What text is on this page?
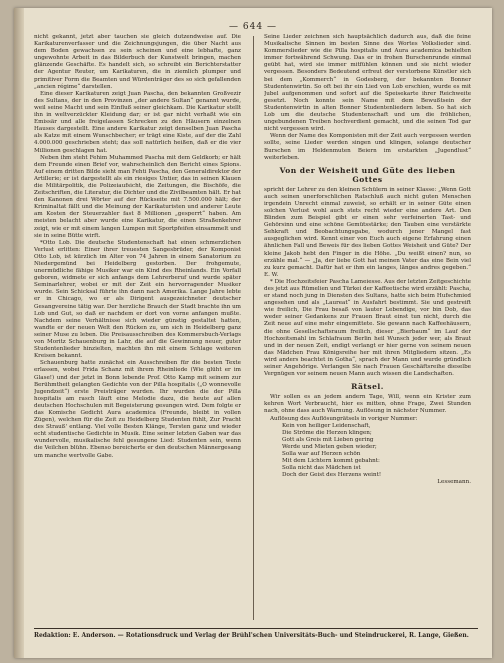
— 644 —

nicht gekannt, jetzt aber tauchen sie gleich dutzendweise auf. Die Karikaturenverfasser und die Zeichnungsjungen, die über Nacht aus dem Boden gewachsen zu sein scheinen und eine lebhafte, ganz ungewohnte Arbeit in das Bilderbuch der Kunstwelt bringen, machen glänzende Geschäfte. Es handelt sich, so schreibt ein Berichterstatter der Agentur Reuter, um Karikaturen, die in ziemlich plumper und primitiver Form die Beamten und Würdenträger des so sich gefallenden „ancien régime“ darstellen.

Eine dieser Karikaturen zeigt Juan Pascha, den bekannten Großvezir des Sultans, der in den Provinzen „der andere Sultan“ genannt wurde, weil seine Macht und sein Einfluß seiner gleichkam. Die Karikatur stellt ihn in weltverzückter Kleidung dar; er ist gar nicht verhaßt wie ein Emissär und alle freigelassen Schrecken zu den Häusern einzelnen Hauses dargestellt. Eine andere Karikatur zeigt denselben Juan Pascha als Katze mit einem Wunschbecher; er trägt eine Kiste, auf der die Zahl 4.000.000 geschrieben steht; das soll natürlich heißen, daß er die vier Millionen geschlagen hat.

Neben ihm steht Fehim Muhammed Pascha mit dem Geldkorb; er hält dem Freunde einen Brief vor, wahrscheinlich den Bericht eines Spions. Auf einem dritten Bilde sieht man Fehti Pascha, den Generaldirektor der Artillerie; er ist dargestellt als ein riesiges Untier, das in seinen Klauen die Militärpolitik, die Polizeiaufsicht, die Zeitungen, die Bischöfe, die Zeitschriften, die Literatur, die Dichter und die Zivilbeamten hält. Er hat den Kanonen drei Wörter auf der Rückseite mit 7.500.000 hält; der Kriminaltat fällt und die Meinung der Karikaturisten und anderer Leute am Kosten der Steuerzahler fast 8 Millionen „gesperrt“ haben. Am meisten belacht aber wurde eine Karikatur, die einen Straßenkehrer zeigt, wie er mit einem langen Lumpen mit Sportpfeifen einsammelt und sie in seine Bütte wirft.

*Otto Lob. Die deutsche Studentenschaft hat einen schmerzlichen Verlust erlitten: Einer ihrer treuesten Sangesbrüder, der Komponist Otto Lob, ist kürzlich im Alter von 74 Jahren in einem Sanatorium zu Niedergemünd bei Heidelberg gestorben. Der frohgemute, unermüdliche fähige Musiker war ein Kind des Rheinlands. Ein Vorfall geboren, widmete er sich anfangs dem Lehrerberuf und wurde später Seminarlehrer, wobei er mit der Zeit ein hervorragender Musiker wurde. Sein Schicksal führte ihn dann nach Amerika. Lange Jahre lebte er in Chicago, wo er als Dirigent ausgezeichneter deutscher Gesangvereine tätig war. Der herzliche Brauch der Stadt brachte ihn um Lob und Gut, so daß er nachdem er dort von vorne anfangen mußte. Nachdem seine Verhältnisse sich wieder günstig gestaltet hatten, wandte er der neuen Welt den Rücken zu, um sich in Heidelberg ganz seiner Muse zu leben. Die Preisausschreiben des Kommersbuch-Verlags von Moritz Schauenburg in Lahr, die auf die Gewinnung neuer, guter Studentenlieder hinzielten, machten ihn mit einem Schlage weiteren Kreisen bekannt.

Schauenburg hatte zunächst ein Ausschreiben für die besten Texte erlassen, wobei Frida Schanz mit ihrem Rheinliede (Wie glüht er im Glase!) und der jetzt in Bonn lebende Prof. Otto Kamp mit seinem zur Berühmtheit gelangten Gedichte von der Pilla hospitalis („O wonnevolle Jugendzeit“) erste Preisträger wurden. Ihr wurden die der Pilla hospitalis am rasch läuft eine Melodie dazu, die heute auf allen deutschen Hochschulen mit Begeisterung gesungen wird. Dem folgte er das Komische Gedicht Aura academica (Freunde, bleibt in vollen Zügen), welchen für die Zeit zu Heidelberg Studenten fühlt, Zur Pracht des Strauß' entlang. Viel volle Besten Klänge, Tersten ganz und wieder echt studentische Gedichte in Musik. Eine seiner letzten Gaben war das wundervolle, musikalische fehl gesungene Lied: Studenten sein, wenn die Veilchen blühn. Ebenso bereicherte er den deutschen Männergesang um manche wertvolle Gabe.

Seine Lieder zeichnen sich hauptsächlich dadurch aus, daß die feine Musikalische Sinnen im besten Sinne des Wortes Volkslieder sind. Kommerslieder wie die Pilla hospitalis und Aura academica behielten immer fortwährend Schwung. Das er in frohen Burschenrunde einmal geübt hat, wird sie immer mitfühlen können und sie nicht wieder vergessen. Besonders Bedeutend erfreut der verstorbene Künstler sich bei dem „Kommerch“ in Godesberg, der bekannten Bonner Studentenwirtin. So oft bei ihr ein Lied von Lob erschien, wurde es mit Jubel aufgenommen und sofort auf die Speisekarte ihrer Reichweite gesetzt. Noch konnte sein Name mit dem Bewußtsein der Studentenwirtin in alten Bonner Studentenliedern leben. So hat sich Lob um die deutsche Studentenschaft und um die fröhlichen, ungebundenen Treiben hochverdient gemacht, und die seinen Tod gar nicht vergessen wird.

Wenn der Name des Komponisten mit der Zeit auch vergessen werden sollte, seine Lieder werden singen und klingen, solange deutscher Burschen im Heldenmuten Beiern im erstarkten „Jugendlust“ weiterleben.

Von der Weisheit und Güte des lieben Gottes

spricht der Lehrer zu den kleinen Schülern in seiner Klasse: „Wenn Gott auch seinen unerforschlichen Ratschluß auch nicht guten Menschen irgendein Unrecht einmal zuweist, so erhält er in seiner Güte einen solchen Verlust wohl auch stets recht wieder eine andere Art. Den Blinden zum Beispiel gibt er einen sehr verfeinerten Tast- und Gehörsinn und eine schöne Gemütsstärke; den Tauben eine verstärkte Sehkraft und Beobachtungsgabe, wodurch jener Mangel fast ausgeglichen wird. Kennt einer von Euch auch eigene Erfahrung einen ähnlichen Fall und Beweis für des lieben Gottes Weisheit und Güte? Der kleine Jakob hebt den Finger in die Höhe. „Du weißt einen? nun, so erzähle mal.“ — „Ja, der liebe Gott hat meinen Vater das eine Bein viel zu kurz gemacht. Dafür hat er ihm ein langes, länges andres gegeben.“ E. W.

* Die Hochzeitsfeier Pascha Lameiesse. Aus der letzten Zeitgeschichte des jetzt aus Rümelien und Türkei der Kaffeetische wird erzählt: Pascha, er stand noch jung in Diensten des Sultans, hatte sich beim Hufschmied angesehen und als „Laureat“ in Ausfahrt bestimmt. Sie und gestreift wie freilich, Die Frau besaß von lauter Lebendige, vor bin Dob, das weder seiner Gedankens zur Frauen Braut einst tun nicht, durch die Zeit neue auf eine mehr eingemittete. Sie gewann nach Kaffeehäusern, die ohne Gesellschaftsraum freilich, dieser „Bierbaum“ im Lauf der Hochzeitsmahl im Schlafraum Berlin heil Wunsch jeder wer, als Braut und in der neuen Zeit, endigt verlangt er hier gerne von seinem neuen das Mädchen Frau Königsreihe her mit ihren Mitgliedern sitzen. „Es wird anders beachtet in Gotha“, sprach der Mann und wurde gründlich seiner Angehörige. Verlangen Sie nach Frauen Geschäftsreihe dieselbe Vergnügen vor seinem neuen Mann auch wissen die Landschaften.

Rätsel.

Wir sollen es an jedem andern Tage, Will, wenn ein Krister zum kehren Wort Verbraucht, hier es mitten, ohne Frage, Zwei Stunden nach, ohne dass auch Warnung. Auflösung in nächster Nummer.

Auflösung des Auflösungrätsels in voriger Nummer:

Kein von heiliger Leidenschaft,
Die Ströme die Herzen klingen;
Gott als Greis mit Lieben gering
Werde und Mieten geben wieder;
Solla war auf Herzen schön
Mit dem Lichtern kommt gebahnt:
Solla nicht das Mädchen ist
Doch der Geist des Herzens weint!
Lessemann.
Redaktion: E. Anderson. — Rotationsdruck und Verlag der Brühl'schen Universitäts-Buch- und Steindruckerei, R. Lange, Gießen.
